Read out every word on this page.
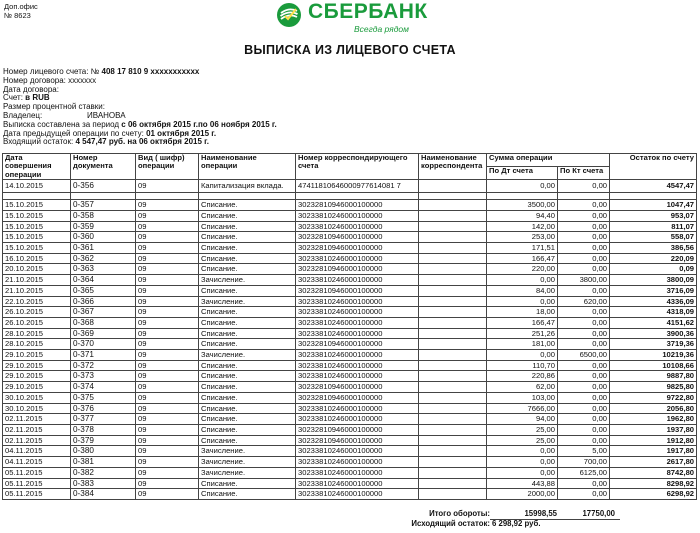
Доп.офис
№ 8623	СБЕРБАНК
Всегда рядом
ВЫПИСКА ИЗ ЛИЦЕВОГО СЧЕТА
Номер лицевого счета: № 408 17 810 9 xxxxxxxxxxx
Номер договора: xxxxxxx
Дата договора:
Счет: в RUB
Размер процентной ставки:
Владелец:	ИВАНОВА
Выписка составлена за период с 06 октября 2015 г.по 06 ноября 2015 г.
Дата предыдущей операции по счету: 01 октября 2015 г.
Входящий остаток: 4 547,47 руб. на 06 октября 2015 г.
Дата совершения операции	Номер документа	Вид ( шифр) операции	Наименование операции	Номер корреспондирующего счета	Наименование корреспондента	Сумма операции		Остаток по счету
						По Дт счета	По Кт счета	
14.10.2015	0-356	09	Капитализация вклада.	47411810646000977614081 7		0,00	0,00	4547,47

15.10.2015	0-357	09	Списание.	30232810946000100000		3500,00	0,00	1047,47
15.10.2015	0-358	09	Списание.	30233810246000100000		94,40	0,00	953,07
15.10.2015	0-359	09	Списание.	30233810246000100000		142,00	0,00	811,07
15.10.2015	0-360	09	Списание.	30232810946000100000		253,00	0,00	558,07
15.10.2015	0-361	09	Списание.	30232810946000100000		171,51	0,00	386,56
16.10.2015	0-362	09	Списание.	30233810246000100000		166,47	0,00	220,09
20.10.2015	0-363	09	Списание.	30232810946000100000		220,00	0,00	0,09
21.10.2015	0-364	09	Зачисление.	30233810246000100000		0,00	3800,00	3800,09
21.10.2015	0-365	09	Списание.	30232810946000100000		84,00	0,00	3716,09
22.10.2015	0-366	09	Зачисление.	30233810246000100000		0,00	620,00	4336,09
26.10.2015	0-367	09	Списание.	30233810246000100000		18,00	0,00	4318,09
26.10.2015	0-368	09	Списание.	30233810246000100000		166,47	0,00	4151,62
28.10.2015	0-369	09	Списание.	30233810246000100000		251,26	0,00	3900,36
28.10.2015	0-370	09	Списание.	30232810946000100000		181,00	0,00	3719,36
29.10.2015	0-371	09	Зачисление.	30233810246000100000		0,00	6500,00	10219,36
29.10.2015	0-372	09	Списание.	30233810246000100000		110,70	0,00	10108,66
29.10.2015	0-373	09	Списание.	30233810246000100000		220,86	0,00	9887,80
29.10.2015	0-374	09	Списание.	30232810946000100000		62,00	0,00	9825,80
30.10.2015	0-375	09	Списание.	30232810946000100000		103,00	0,00	9722,80
30.10.2015	0-376	09	Списание.	30233810246000100000		7666,00	0,00	2056,80
02.11.2015	0-377	09	Списание.	30233810246000100000		94,00	0,00	1962,80
02.11.2015	0-378	09	Списание.	30232810946000100000		25,00	0,00	1937,80
02.11.2015	0-379	09	Списание.	30232810946000100000		25,00	0,00	1912,80
04.11.2015	0-380	09	Зачисление.	30233810246000100000		0,00	5,00	1917,80
04.11.2015	0-381	09	Зачисление.	30233810246000100000		0,00	700,00	2617,80
05.11.2015	0-382	09	Зачисление.	30233810246000100000		0,00	6125,00	8742,80
05.11.2015	0-383	09	Списание.	30233810246000100000		443,88	0,00	8298,92
05.11.2015	0-384	09	Списание.	30233810246000100000		2000,00	0,00	6298,92
Итого обороты:	15998,55	17750,00
Исходящий остаток: 6 298,92 руб.
